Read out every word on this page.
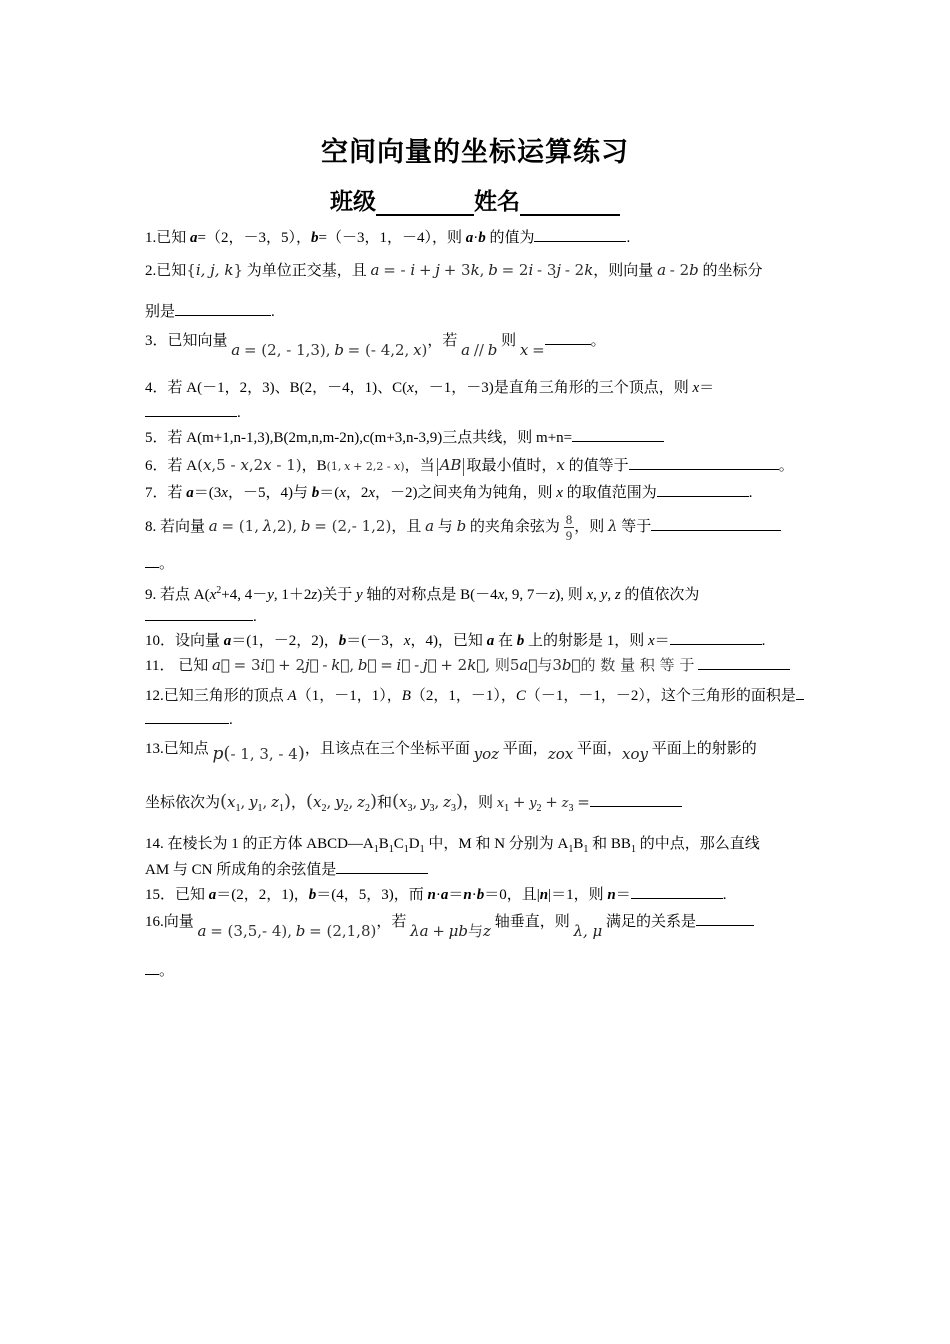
空间向量的坐标运算练习
班级	姓名
1.已知 a=（2，－3，5），b=（－3，1，－4），则 a·b 的值为	.
2.已知{i, j, k} 为单位正交基，且 a = - i + j + 3k, b = 2i - 3j - 2k，则向量 a - 2b 的坐标分
别是	.
3．已知向量 a = (2, - 1,3), b = (- 4,2, x)，若 a // b 则 x =	。
4．若 A(－1，2，3)、B(2，－4，1)、C(x，－1，－3)是直角三角形的三个顶点，则 x＝
.
5．若 A(m+1,n-1,3),B(2m,n,m-2n),c(m+3,n-3,9)三点共线，则 m+n=
6．若 A(x,5 - x,2x - 1)，B(1, x + 2,2 - x)，当 AB 取最小值时，x 的值等于	。
7．若 a＝(3x，－5，4)与 b＝(x，2x，－2)之间夹角为钝角，则 x 的取值范围为	.
8. 若向量 a = (1, λ,2), b = (2,- 1,2)，且 a 与 b 的夹角余弦为 $\frac{8}{9}$ ，则 λ 等于
。
9. 若点 $A(x^2+4$, 4－y, 1＋2z)关于 y 轴的对称点是 B(－4x, 9, 7－z), 则 x, y, z 的值依次为
.
10．设向量 a＝(1，－2，2)，b＝(－3，x，4)，已知 a 在 b 上的射影是 1，则 x＝	.
11． 已知 a⃗ = 3i⃗ + 2j⃗ - k⃗, b⃗ = i⃗ - j⃗ + 2k⃗, 则5a⃗与3b⃗的 数 量 积 等 于
12.已知三角形的顶点 A（1，－1，1），B（2，1，－1），C（－1，－1，－2），这个三角形的面积是
.
13.已知点 p(- 1, 3, - 4)，且该点在三个坐标平面 yoz 平面，zox 平面，xoy 平面上的射影的
坐标依次为($x_1$, $y_1$, $z_1$)，($x_2$, $y_2$, $z_2$)和($x_3$, $y_3$, $z_3$)，则 $x_1 + y_2 + z_3$ =
14. 在棱长为 1 的正方体 $ABCD—A_1B_1C_1D_1$ 中，M 和 N 分别为 $A_1B_1$ 和 $BB_1$ 的中点，那么直线
AM 与 CN 所成角的余弦值是
15．已知 a＝(2，2，1)，b＝(4，5，3)，而 n·a＝n·b＝0，且|n|＝1，则 n＝	.
16.向量 a = (3,5,- 4), b = (2,1,8)，若 λa + μb与z 轴垂直，则 λ, μ 满足的关系是
。
